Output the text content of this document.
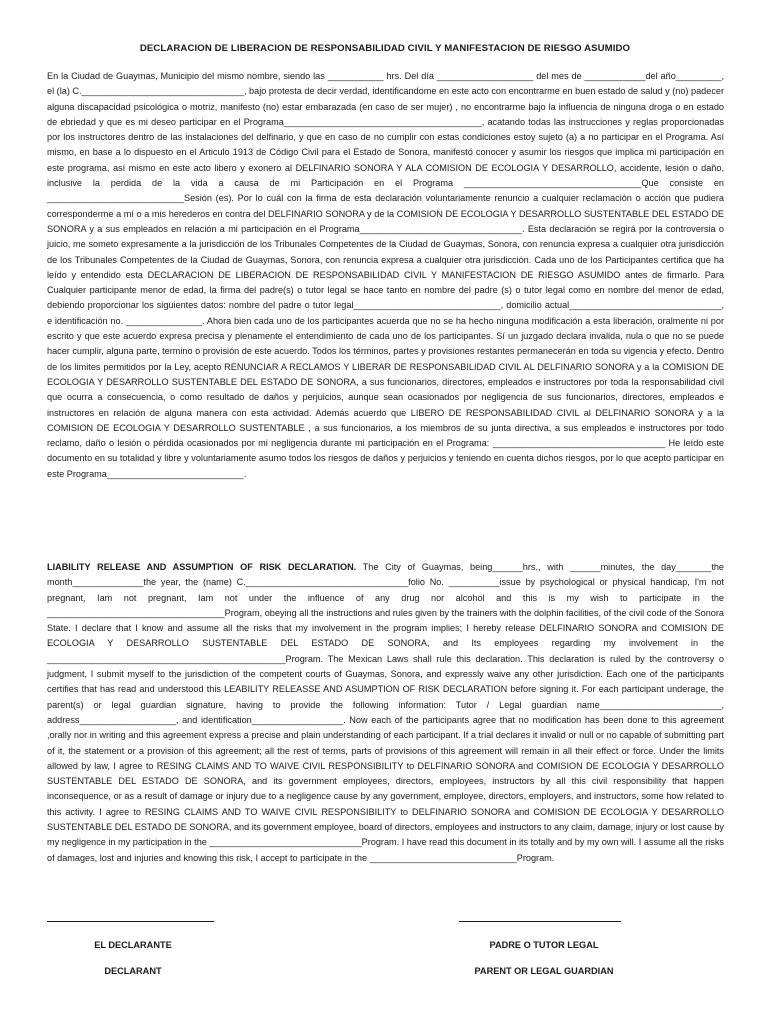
DECLARACION DE LIBERACION DE RESPONSABILIDAD CIVIL Y MANIFESTACION DE RIESGO ASUMIDO
En la Ciudad de Guaymas, Municipio del mismo nombre, siendo las ___________ hrs. Del día ___________________ del mes de ____________del año_________, el (la) C.________________________________, bajo protesta de decir verdad, identificandome en este acto con encontrarme en buen estado de salud y (no) padecer alguna discapacidad psicológica o motriz, manifesto (no) estar embarazada (en caso de ser mujer) , no encontrarme bajo la influencia de ninguna droga o en estado de ebriedad y que es mi deseo participar en el Programa_______________________________________, acatando todas las instrucciones y reglas proporcionadas por los instructores dentro de las instalaciones del delfinario, y que en caso de no cumplir con estas condiciones estoy sujeto (a) a no participar en el Programa. Así mismo, en base a lo dispuesto en el Articulo 1913 de Código Civil para el Estado de Sonora, manifestó conocer y asumir los riesgos que implica mi participación en este programa, así mismo en este acto libero y exonero al DELFINARIO SONORA Y ALA COMISION DE ECOLOGIA Y DESARROLLO, accidente, lesión o daño, inclusive la perdida de la vida a causa de mi Participación en el Programa ___________________________________Que consiste en ___________________________Sesión (es). Por lo cuál con la firma de esta declaración voluntariamente renuncio a cualquier reclamación o acción que pudiera corresponderme a mí o a mis herederos en contra del DELFINARIO SONORA y de la COMISION DE ECOLOGIA Y DESARROLLO SUSTENTABLE DEL ESTADO DE SONORA y a sus empleados en relación a mi participación en el Programa________________________________. Esta declaración se regirá por la controversia o juicio, me someto expresamente a la jurisdicción de los Tribunales Competentes de la Ciudad de Guaymas, Sonora, con renuncia expresa a cualquier otra jurisdicción de los Tribunales Competentes de la Ciudad de Guaymas, Sonora, con renuncia expresa a cualquier otra jurisdicción. Cada uno de los Participantes certifica que ha leído y entendido esta DECLARACION DE LIBERACION DE RESPONSABILIDAD CIVIL Y MANIFESTACION DE RIESGO ASUMIDO antes de firmarlo. Para Cualquier participante menor de edad, la firma del padre(s) o tutor legal se hace tanto en nombre del padre (s) o tutor legal como en nombre del menor de edad, debiendo proporcionar los siguientes datos: nombre del padre o tutor legal_____________________________, domicilio actual______________________________, e identificación no. _______________. Ahora bien cada uno de los participantes acuerda que no se ha hecho ninguna modificación a esta liberación, oralmente ni por escrito y que este acuerdo expresa precisa y plenamente el entendimiento de cada uno de los participantes. Sí un juzgado declara invalida, nula o que no se puede hacer cumplir, alguna parte, termino o provisión de este acuerdo. Todos los términos, partes y provisiones restantes permanecerán en toda su vigencia y efecto. Dentro de los limites permitidos por la Ley, acepto RENUNCIAR A RECLAMOS Y LIBERAR DE RESPONSABILIDAD CIVIL AL DELFINARIO SONORA y a la COMISION DE ECOLOGIA Y DESARROLLO SUSTENTABLE DEL ESTADO DE SONORA, a sus funcionarios, directores, empleados e instructores por toda la responsabilidad civil que ocurra a consecuencia, o como resultado de daños y perjuicios, aunque sean ocasionados por negligencia de sus funcionarios, directores, empleados e instructores en relación de alguna manera con esta actividad. Además acuerdo que LIBERO DE RESPONSABILIDAD CIVIL al DELFINARIO SONORA y a la COMISION DE ECOLOGIA Y DESARROLLO SUSTENTABLE , a sus funcionarios, a los miembros de su junta directiva, a sus empleados e instructores por todo reclamo, daño o lesión o pérdida ocasionados por mi negligencia durante mi participación en el Programa: __________________________________ He leído este documento en su totalidad y libre y voluntariamente asumo todos los riesgos de daños y perjuicios y teniendo en cuenta dichos riesgos, por lo que acepto participar en este Programa___________________________.
LIABILITY RELEASE AND ASSUMPTION OF RISK DECLARATION. The City of Guaymas, being______hrs., with ______minutes, the day_______the month______________the year, the (name) C.________________________________folio No. __________issue by psychological or physical handicap, I'm not pregnant, Iam not pregnant, Iam not under the influence of any drug nor alcohol and this is my wish to participate in the ___________________________________Program, obeying all the instructions and rules given by the trainers with the dolphin facilities, of the civil code of the Sonora State. I declare that I know and assume all the risks that my involvement in the program implies; I hereby release DELFINARIO SONORA and COMISION DE ECOLOGIA Y DESARROLLO SUSTENTABLE DEL ESTADO DE SONORA, and Its employees regarding my involvement in the _______________________________________________Program. The Mexican Laws shall rule this declaration. This declaration is ruled by the controversy o judgment, I submit myself to the jurisdiction of the competent courts of Guaymas, Sonora, and expressly waive any other jurisdiction. Each one of the participants certifies that has read and understood this LEABILITY RELEASSE AND ASUMPTION OF RISK DECLARATION before signing it. For each participant underage, the parent(s) or legal guardian signature, having to provide the following information: Tutor / Legal guardian name________________________, address___________________, and identification__________________. Now each of the participants agree that no modification has been done to this agreement ,orally nor in writing and this agreement express a precise and plain understanding of each participant. If a trial declares it invalid or null or no capable of submitting part of it, the statement or a provision of this agreement; all the rest of terms, parts of provisions of this agreement will remain in all their effect or force. Under the limits allowed by law, I agree to RESING CLAIMS AND TO WAIVE CIVIL RESPONSIBILITY to DELFINARIO SONORA and COMISION DE ECOLOGIA Y DESARROLLO SUSTENTABLE DEL ESTADO DE SONORA, and its government employees, directors, employees, instructors by all this civil responsibility that happen inconsequence, or as a result of damage or injury due to a negligence cause by any government, employee, directors, employers, and instructors, some how related to this activity. I agree to RESING CLAIMS AND TO WAIVE CIVIL RESPONSIBILITY to DELFINARIO SONORA and COMISION DE ECOLOGIA Y DESARROLLO SUSTENTABLE DEL ESTADO DE SONORA, and its government employee, board of directors, employees and instructors to any claim, damage, injury or lost cause by my negligence in my participation in the ______________________________Program. I have read this document in its totally and by my own will. I assume all the risks of damages, lost and injuries and knowing this risk, I accept to participate in the _____________________________Program.
EL DECLARANTE
DECLARANT
PADRE O TUTOR LEGAL
PARENT OR LEGAL GUARDIAN
